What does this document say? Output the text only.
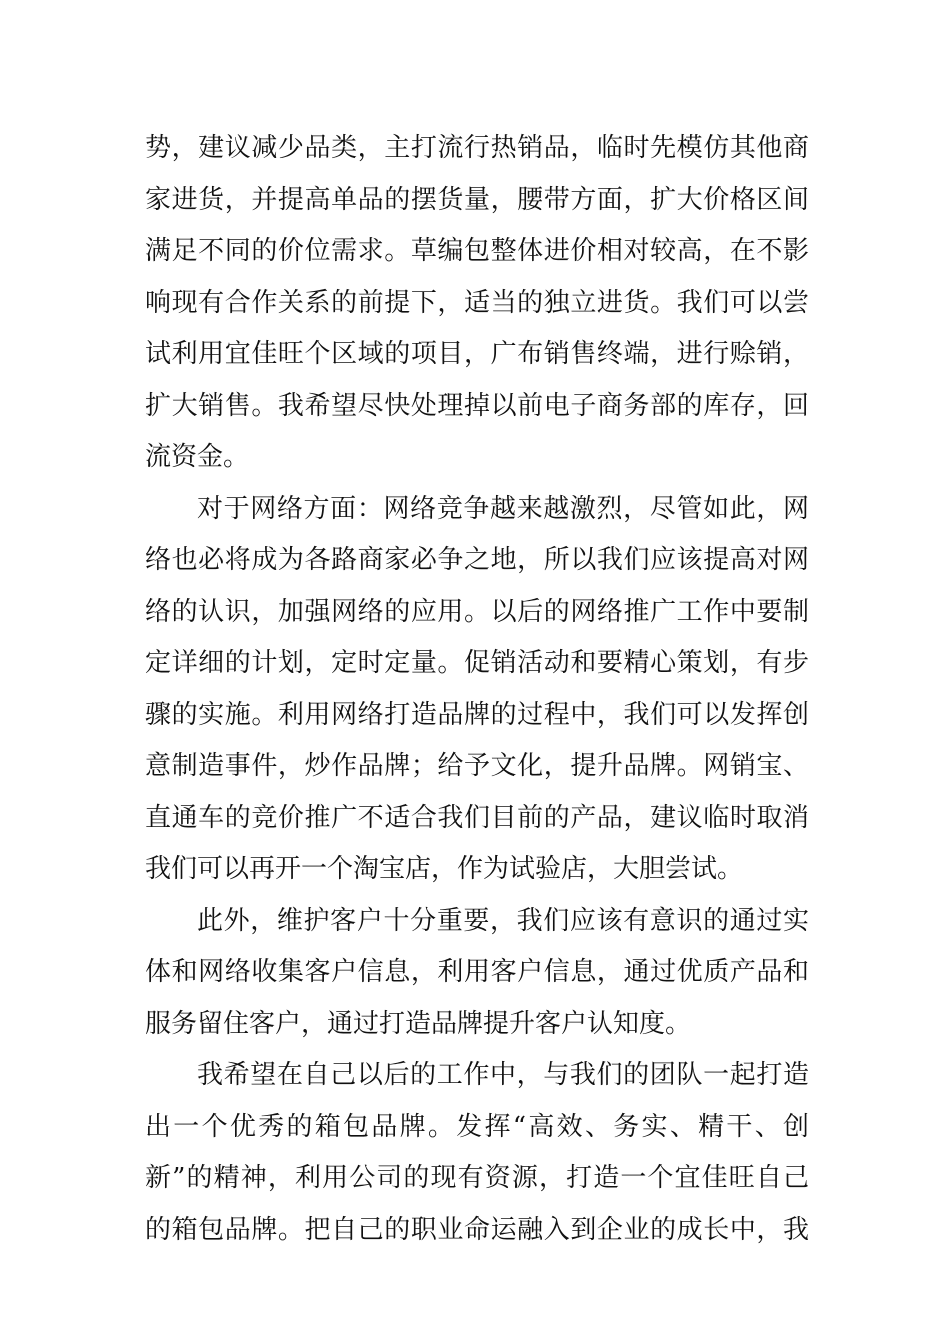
势，建议减少品类，主打流行热销品，临时先模仿其他商
家进货，并提高单品的摆货量，腰带方面，扩大价格区间
满足不同的价位需求。草编包整体进价相对较高，在不影
响现有合作关系的前提下，适当的独立进货。我们可以尝
试利用宜佳旺个区域的项目，广布销售终端，进行赊销，
扩大销售。我希望尽快处理掉以前电子商务部的库存，回
流资金。
对于网络方面：网络竞争越来越激烈，尽管如此，网
络也必将成为各路商家必争之地，所以我们应该提高对网
络的认识，加强网络的应用。以后的网络推广工作中要制
定详细的计划，定时定量。促销活动和要精心策划，有步
骤的实施。利用网络打造品牌的过程中，我们可以发挥创
意制造事件，炒作品牌；给予文化，提升品牌。网销宝、
直通车的竞价推广不适合我们目前的产品，建议临时取消
我们可以再开一个淘宝店，作为试验店，大胆尝试。
此外，维护客户十分重要，我们应该有意识的通过实
体和网络收集客户信息，利用客户信息，通过优质产品和
服务留住客户，通过打造品牌提升客户认知度。
我希望在自己以后的工作中，与我们的团队一起打造
出一个优秀的箱包品牌。发挥“高效、务实、精干、创
新”的精神，利用公司的现有资源，打造一个宜佳旺自己
的箱包品牌。把自己的职业命运融入到企业的成长中，我
